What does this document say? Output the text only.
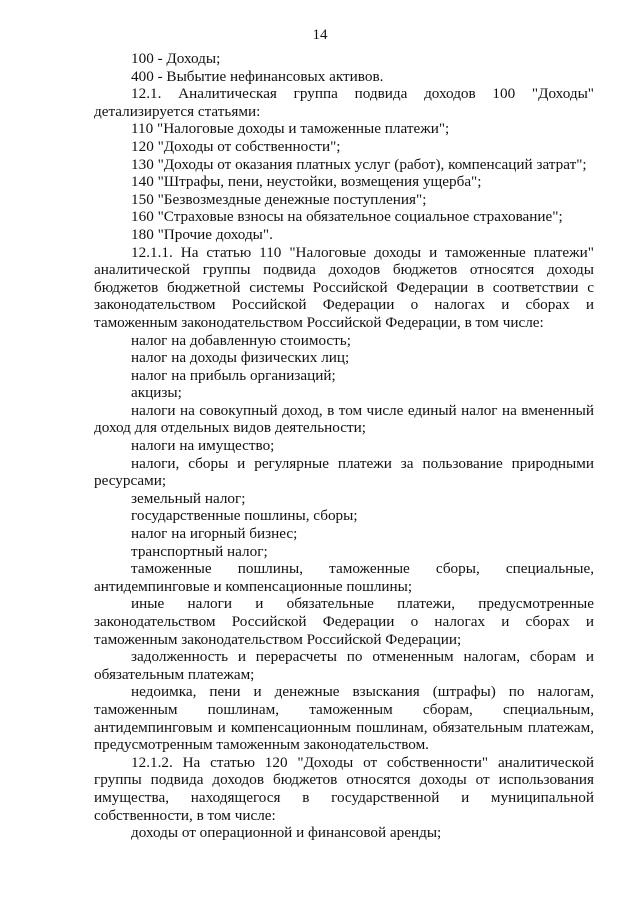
14

100 - Доходы;

400 - Выбытие нефинансовых активов.

12.1. Аналитическая группа подвида доходов 100 "Доходы" детализируется статьями:

110 "Налоговые доходы и таможенные платежи";

120 "Доходы от собственности";

130 "Доходы от оказания платных услуг (работ), компенсаций затрат";

140 "Штрафы, пени, неустойки, возмещения ущерба";

150 "Безвозмездные денежные поступления";

160 "Страховые взносы на обязательное социальное страхование";

180 "Прочие доходы".

12.1.1. На статью 110 "Налоговые доходы и таможенные платежи" аналитической группы подвида доходов бюджетов относятся доходы бюджетов бюджетной системы Российской Федерации в соответствии с законодательством Российской Федерации о налогах и сборах и таможенным законодательством Российской Федерации, в том числе:

налог на добавленную стоимость;

налог на доходы физических лиц;

налог на прибыль организаций;

акцизы;

налоги на совокупный доход, в том числе единый налог на вмененный доход для отдельных видов деятельности;

налоги на имущество;

налоги, сборы и регулярные платежи за пользование природными ресурсами;

земельный налог;

государственные пошлины, сборы;

налог на игорный бизнес;

транспортный налог;

таможенные пошлины, таможенные сборы, специальные, антидемпинговые и компенсационные пошлины;

иные налоги и обязательные платежи, предусмотренные законодательством Российской Федерации о налогах и сборах и таможенным законодательством Российской Федерации;

задолженность и перерасчеты по отмененным налогам, сборам и обязательным платежам;

недоимка, пени и денежные взыскания (штрафы) по налогам, таможенным пошлинам, таможенным сборам, специальным, антидемпинговым и компенсационным пошлинам, обязательным платежам, предусмотренным таможенным законодательством.

12.1.2. На статью 120 "Доходы от собственности" аналитической группы подвида доходов бюджетов относятся доходы от использования имущества, находящегося в государственной и муниципальной собственности, в том числе:

доходы от операционной и финансовой аренды;
